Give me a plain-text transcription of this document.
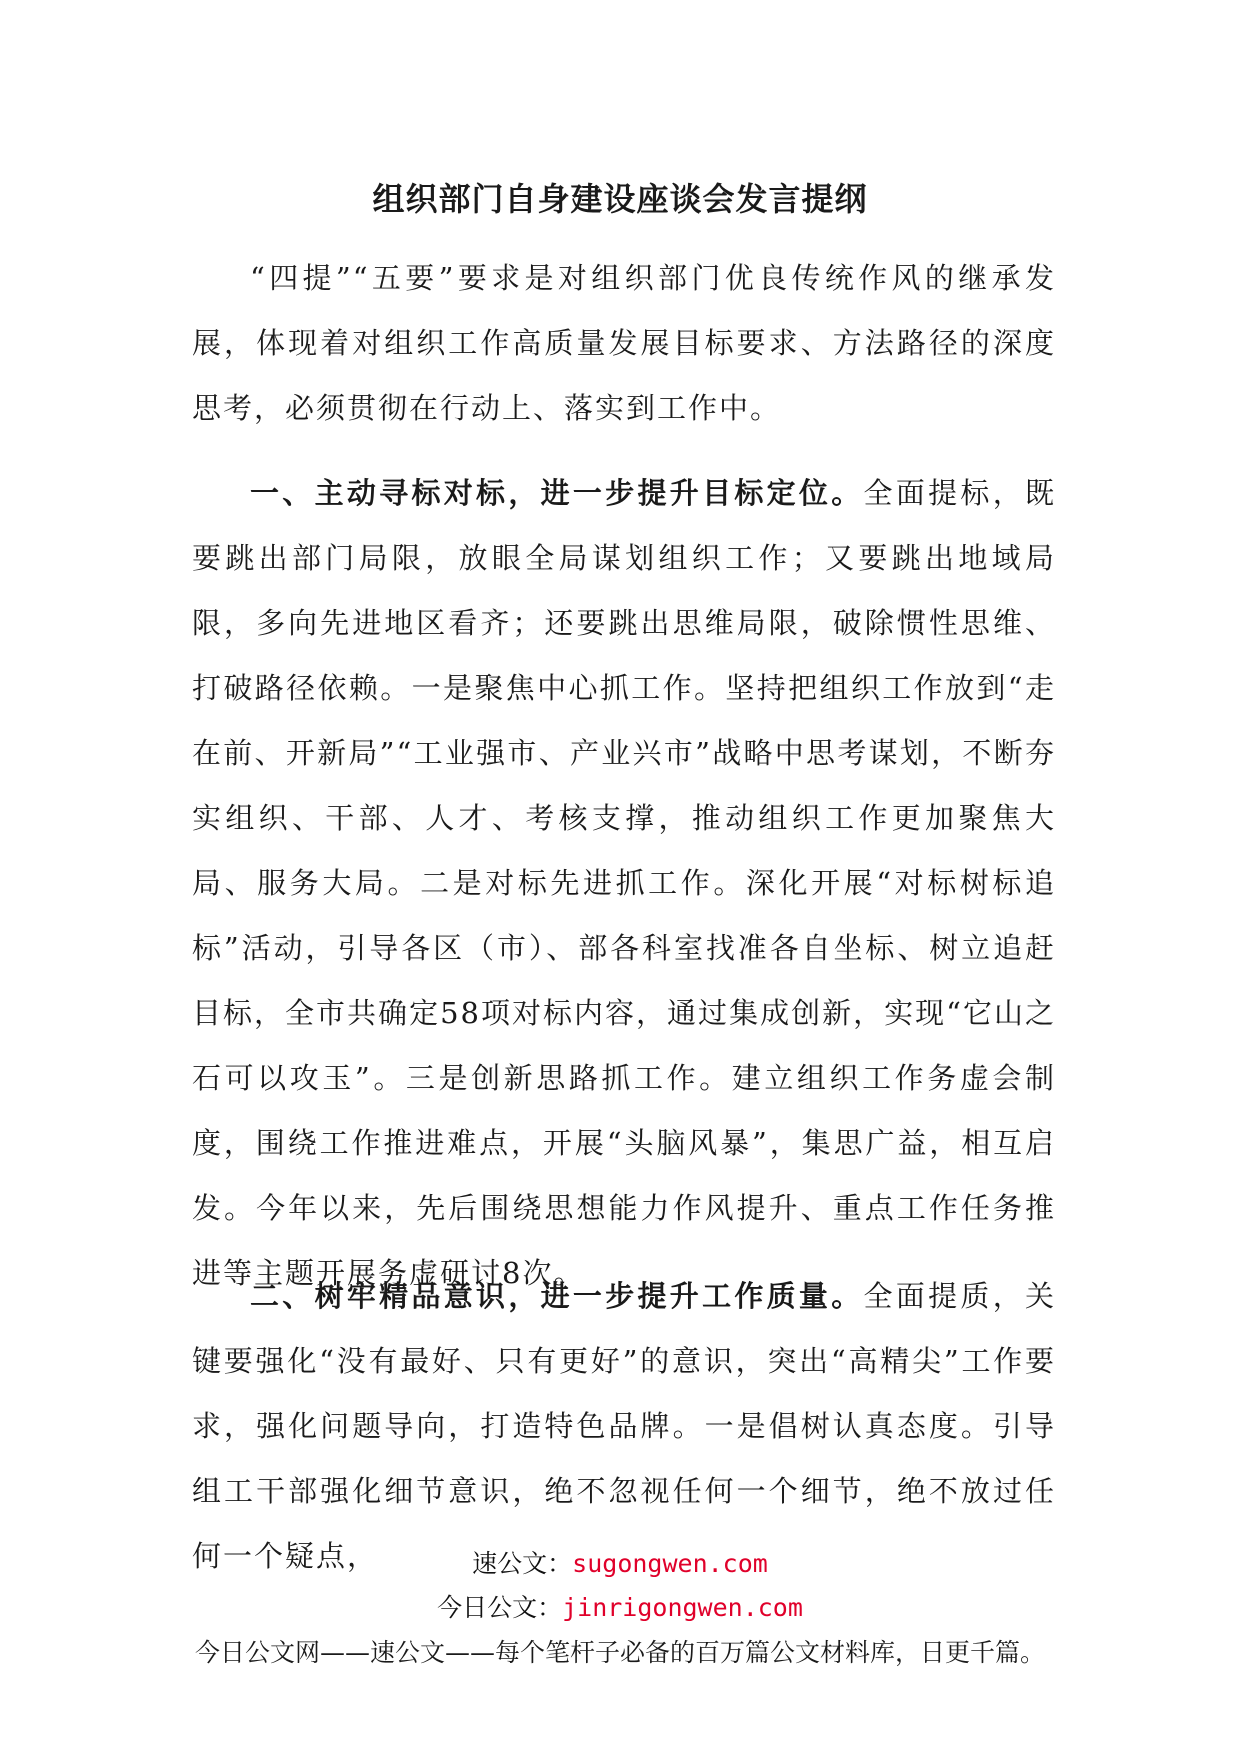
组织部门自身建设座谈会发言提纲

“四提”“五要”要求是对组织部门优良传统作风的继承发展，体现着对组织工作高质量发展目标要求、方法路径的深度思考，必须贯彻在行动上、落实到工作中。

一、主动寻标对标，进一步提升目标定位。全面提标，既要跳出部门局限，放眼全局谋划组织工作；又要跳出地域局限，多向先进地区看齐；还要跳出思维局限，破除惯性思维、打破路径依赖。一是聚焦中心抓工作。坚持把组织工作放到“走在前、开新局”“工业强市、产业兴市”战略中思考谋划，不断夯实组织、干部、人才、考核支撑，推动组织工作更加聚焦大局、服务大局。二是对标先进抓工作。深化开展“对标树标追标”活动，引导各区（市）、部各科室找准各自坐标、树立追赶目标，全市共确定58项对标内容，通过集成创新，实现“它山之石可以攻玉”。三是创新思路抓工作。建立组织工作务虚会制度，围绕工作推进难点，开展“头脑风暴”，集思广益，相互启发。今年以来，先后围绕思想能力作风提升、重点工作任务推进等主题开展务虚研讨8次。

二、树牢精品意识，进一步提升工作质量。全面提质，关键要强化“没有最好、只有更好”的意识，突出“高精尖”工作要求，强化问题导向，打造特色品牌。一是倡树认真态度。引导组工干部强化细节意识，绝不忽视任何一个细节，绝不放过任何一个疑点，	速公文：sugongwen.com
今日公文：jinrigongwen.com
今日公文网——速公文——每个笔杆子必备的百万篇公文材料库，日更千篇。
